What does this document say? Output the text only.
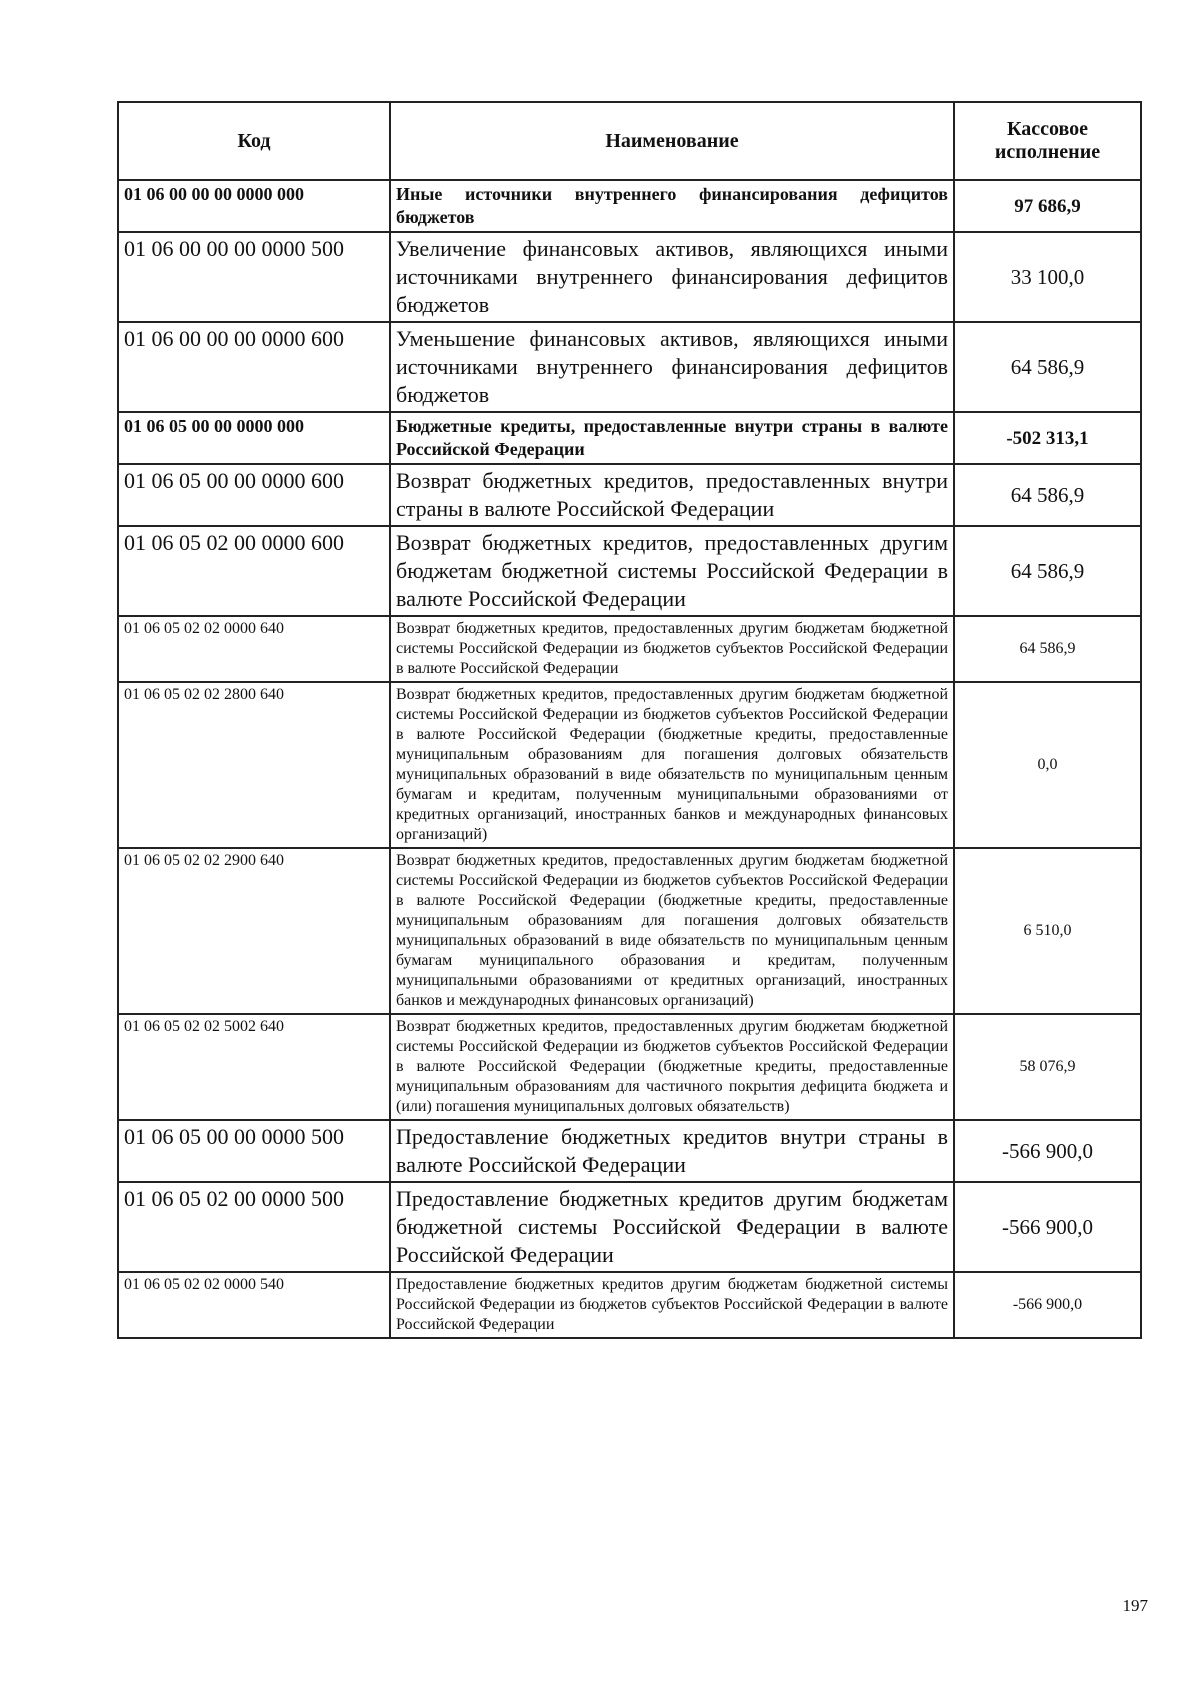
Код	Наименование	Кассовое исполнение
01 06 00 00 00 0000 000	Иные источники внутреннего финансирования дефицитов бюджетов	97 686,9
01 06 00 00 00 0000 500	Увеличение финансовых активов, являющихся иными источниками внутреннего финансирования дефицитов бюджетов	33 100,0
01 06 00 00 00 0000 600	Уменьшение финансовых активов, являющихся иными источниками внутреннего финансирования дефицитов бюджетов	64 586,9
01 06 05 00 00 0000 000	Бюджетные кредиты, предоставленные внутри страны в валюте Российской Федерации	-502 313,1
01 06 05 00 00 0000 600	Возврат бюджетных кредитов, предоставленных внутри страны в валюте Российской Федерации	64 586,9
01 06 05 02 00 0000 600	Возврат бюджетных кредитов, предоставленных другим бюджетам бюджетной системы Российской Федерации в валюте Российской Федерации	64 586,9
01 06 05 02 02 0000 640	Возврат бюджетных кредитов, предоставленных другим бюджетам бюджетной системы Российской Федерации из бюджетов субъектов Российской Федерации в валюте Российской Федерации	64 586,9
01 06 05 02 02 2800 640	Возврат бюджетных кредитов, предоставленных другим бюджетам бюджетной системы Российской Федерации из бюджетов субъектов Российской Федерации в валюте Российской Федерации (бюджетные кредиты, предоставленные муниципальным образованиям для погашения долговых обязательств муниципальных образований в виде обязательств по муниципальным ценным бумагам и кредитам, полученным муниципальными образованиями от кредитных организаций, иностранных банков и международных финансовых организаций)	0,0
01 06 05 02 02 2900 640	Возврат бюджетных кредитов, предоставленных другим бюджетам бюджетной системы Российской Федерации из бюджетов субъектов Российской Федерации в валюте Российской Федерации (бюджетные кредиты, предоставленные муниципальным образованиям для погашения долговых обязательств муниципальных образований в виде обязательств по муниципальным ценным бумагам муниципального образования и кредитам, полученным муниципальными образованиями от кредитных организаций, иностранных банков и международных финансовых организаций)	6 510,0
01 06 05 02 02 5002 640	Возврат бюджетных кредитов, предоставленных другим бюджетам бюджетной системы Российской Федерации из бюджетов субъектов Российской Федерации в валюте Российской Федерации (бюджетные кредиты, предоставленные муниципальным образованиям для частичного покрытия дефицита бюджета и (или) погашения муниципальных долговых обязательств)	58 076,9
01 06 05 00 00 0000 500	Предоставление бюджетных кредитов внутри страны в валюте Российской Федерации	-566 900,0
01 06 05 02 00 0000 500	Предоставление бюджетных кредитов другим бюджетам бюджетной системы Российской Федерации в валюте Российской Федерации	-566 900,0
01 06 05 02 02 0000 540	Предоставление бюджетных кредитов другим бюджетам бюджетной системы Российской Федерации из бюджетов субъектов Российской Федерации в валюте Российской Федерации	-566 900,0
197
